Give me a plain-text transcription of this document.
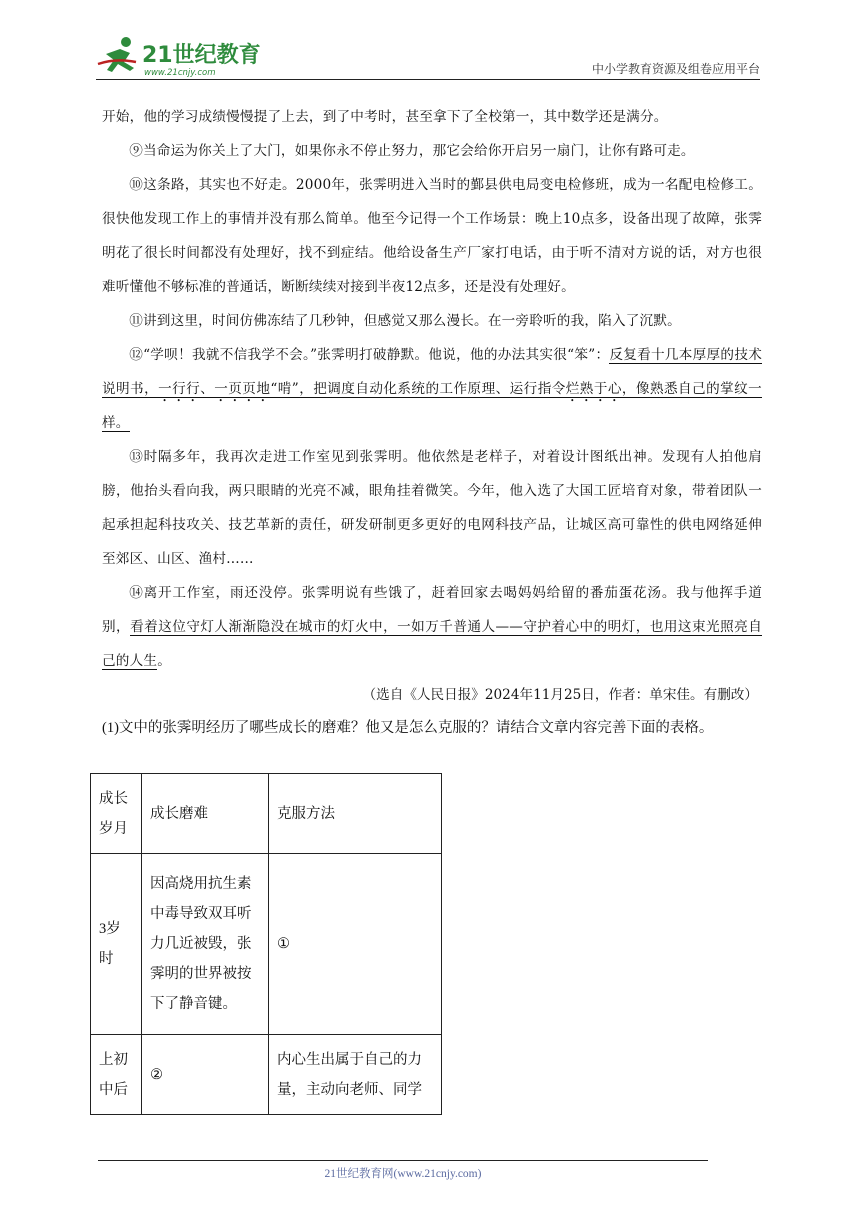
21世纪教育
www.21cnjy.com	中小学教育资源及组卷应用平台

开始，他的学习成绩慢慢提了上去，到了中考时，甚至拿下了全校第一，其中数学还是满分。

⑨当命运为你关上了大门，如果你永不停止努力，那它会给你开启另一扇门，让你有路可走。

⑩这条路，其实也不好走。2000年，张霁明进入当时的鄞县供电局变电检修班，成为一名配电检修工。很快他发现工作上的事情并没有那么简单。他至今记得一个工作场景：晚上10点多，设备出现了故障，张霁明花了很长时间都没有处理好，找不到症结。他给设备生产厂家打电话，由于听不清对方说的话，对方也很难听懂他不够标准的普通话，断断续续对接到半夜12点多，还是没有处理好。

⑪讲到这里，时间仿佛冻结了几秒钟，但感觉又那么漫长。在一旁聆听的我，陷入了沉默。

⑫“学呗！我就不信我学不会。”张霁明打破静默。他说，他的办法其实很“笨”：反复看十几本厚厚的技术说明书，一行行、一页页地“啃”，把调度自动化系统的工作原理、运行指令烂熟于心，像熟悉自己的掌纹一样。

⑬时隔多年，我再次走进工作室见到张霁明。他依然是老样子，对着设计图纸出神。发现有人拍他肩膀，他抬头看向我，两只眼睛的光亮不减，眼角挂着微笑。今年，他入选了大国工匠培育对象，带着团队一起承担起科技攻关、技艺革新的责任，研发研制更多更好的电网科技产品，让城区高可靠性的供电网络延伸至郊区、山区、渔村……

⑭离开工作室，雨还没停。张霁明说有些饿了，赶着回家去喝妈妈给留的番茄蛋花汤。我与他挥手道别，看着这位守灯人渐渐隐没在城市的灯火中，一如万千普通人——守护着心中的明灯，也用这束光照亮自己的人生。

（选自《人民日报》2024年11月25日，作者：单宋佳。有删改）

(1)文中的张霁明经历了哪些成长的磨难？他又是怎么克服的？请结合文章内容完善下面的表格。

成长岁月	成长磨难	克服方法
3岁时	因高烧用抗生素中毒导致双耳听力几近被毁，张霁明的世界被按下了静音键。	①
上初中后	②	内心生出属于自己的力量，主动向老师、同学
21世纪教育网(www.21cnjy.com)
